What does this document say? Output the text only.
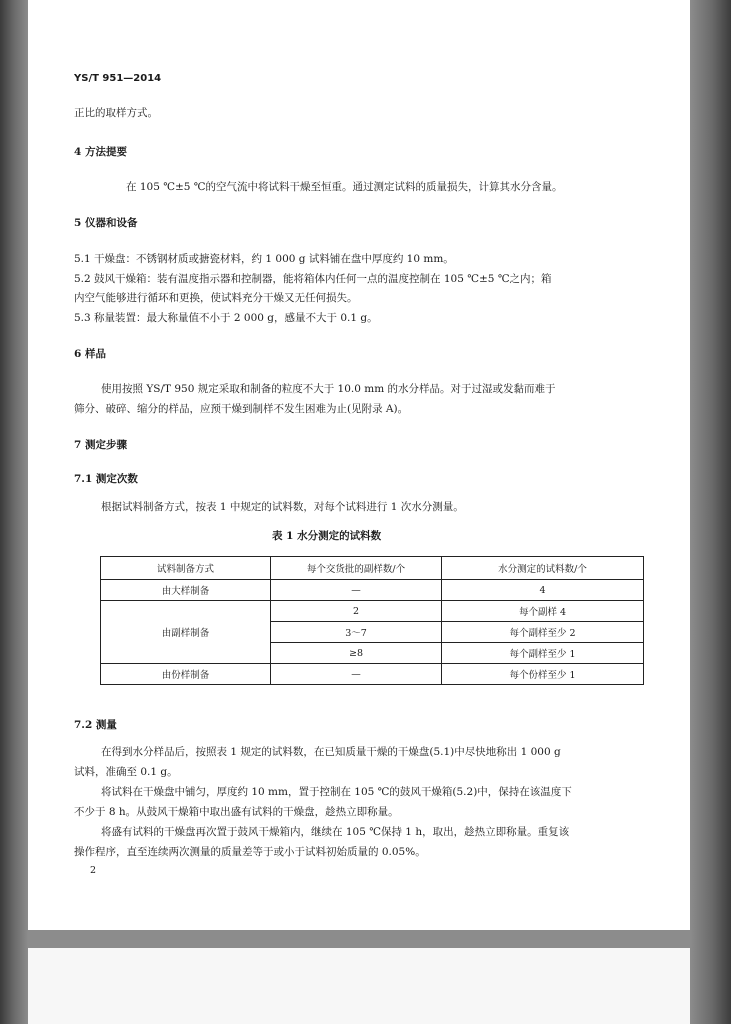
YS/T 951—2014
正比的取样方式。
4 方法提要
在 105 ℃±5 ℃的空气流中将试料干燥至恒重。通过测定试料的质量损失，计算其水分含量。
5 仪器和设备
5.1 干燥盘：不锈钢材质或搪瓷材料，约 1 000 g 试料铺在盘中厚度约 10 mm。
5.2 鼓风干燥箱：装有温度指示器和控制器，能将箱体内任何一点的温度控制在 105 ℃±5 ℃之内；箱
内空气能够进行循环和更换，使试料充分干燥又无任何损失。
5.3 称量装置：最大称量值不小于 2 000 g，感量不大于 0.1 g。
6 样品
使用按照 YS/T 950 规定采取和制备的粒度不大于 10.0 mm 的水分样品。对于过湿或发黏而难于
筛分、破碎、缩分的样品，应预干燥到制样不发生困难为止(见附录 A)。
7 测定步骤
7.1 测定次数
根据试料制备方式，按表 1 中规定的试料数，对每个试料进行 1 次水分测量。
表 1 水分测定的试料数
试料制备方式	每个交货批的副样数/个	水分测定的试料数/个
由大样制备	—	4
由副样制备	2	每个副样 4
	3～7	每个副样至少 2
	≥8	每个副样至少 1
由份样制备	—	每个份样至少 1
7.2 测量
在得到水分样品后，按照表 1 规定的试料数，在已知质量干燥的干燥盘(5.1)中尽快地称出 1 000 g
试料，准确至 0.1 g。
将试料在干燥盘中铺匀，厚度约 10 mm，置于控制在 105 ℃的鼓风干燥箱(5.2)中，保持在该温度下
不少于 8 h。从鼓风干燥箱中取出盛有试料的干燥盘，趁热立即称量。
将盛有试料的干燥盘再次置于鼓风干燥箱内，继续在 105 ℃保持 1 h，取出，趁热立即称量。重复该
操作程序，直至连续两次测量的质量差等于或小于试料初始质量的 0.05%。
2
